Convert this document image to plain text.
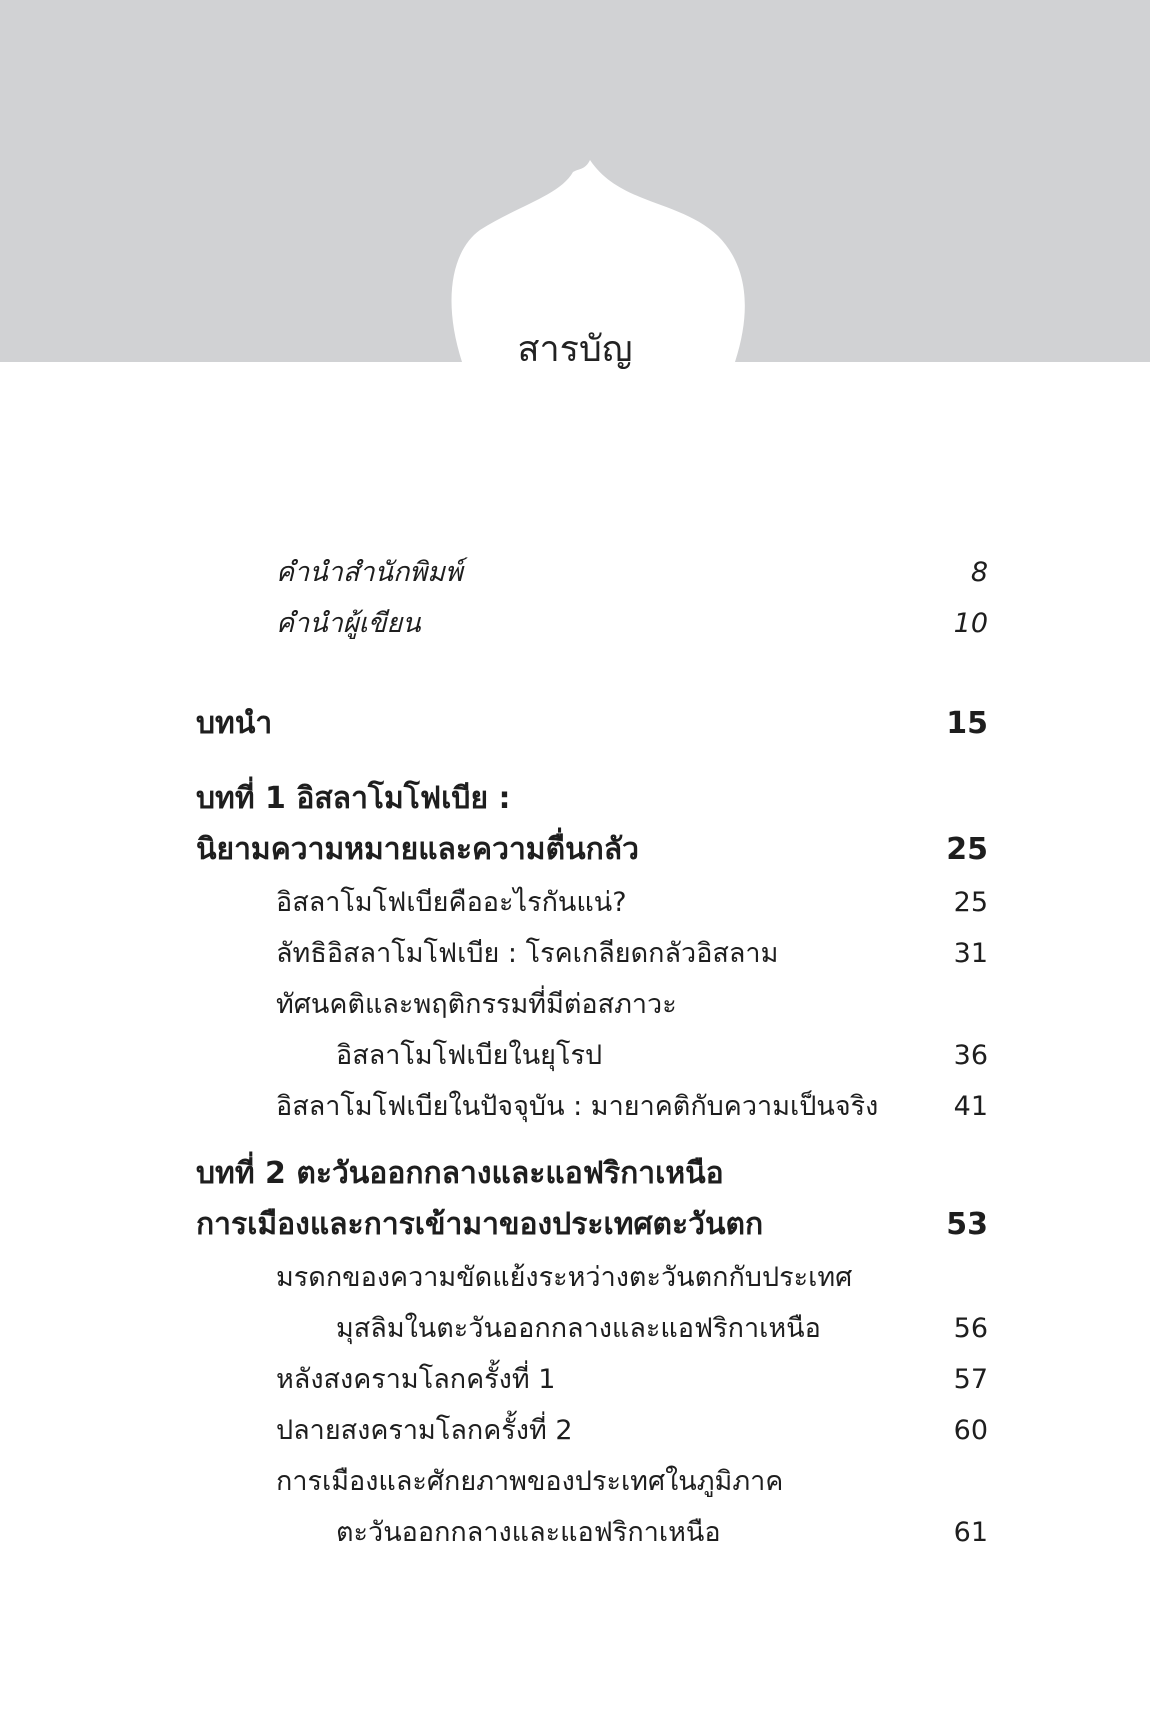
สารบัญ
คำนำสำนักพิมพ์	8
คำนำผู้เขียน	10
บทนำ	15
บทที่ 1 อิสลาโมโฟเบีย :
นิยามความหมายและความตื่นกลัว	25
อิสลาโมโฟเบียคืออะไรกันแน่?	25
ลัทธิอิสลาโมโฟเบีย : โรคเกลียดกลัวอิสลาม	31
ทัศนคติและพฤติกรรมที่มีต่อสภาวะ
อิสลาโมโฟเบียในยุโรป	36
อิสลาโมโฟเบียในปัจจุบัน : มายาคติกับความเป็นจริง	41
บทที่ 2 ตะวันออกกลางและแอฟริกาเหนือ
การเมืองและการเข้ามาของประเทศตะวันตก	53
มรดกของความขัดแย้งระหว่างตะวันตกกับประเทศ
มุสลิมในตะวันออกกลางและแอฟริกาเหนือ	56
หลังสงครามโลกครั้งที่ 1	57
ปลายสงครามโลกครั้งที่ 2	60
การเมืองและศักยภาพของประเทศในภูมิภาค
ตะวันออกกลางและแอฟริกาเหนือ	61
